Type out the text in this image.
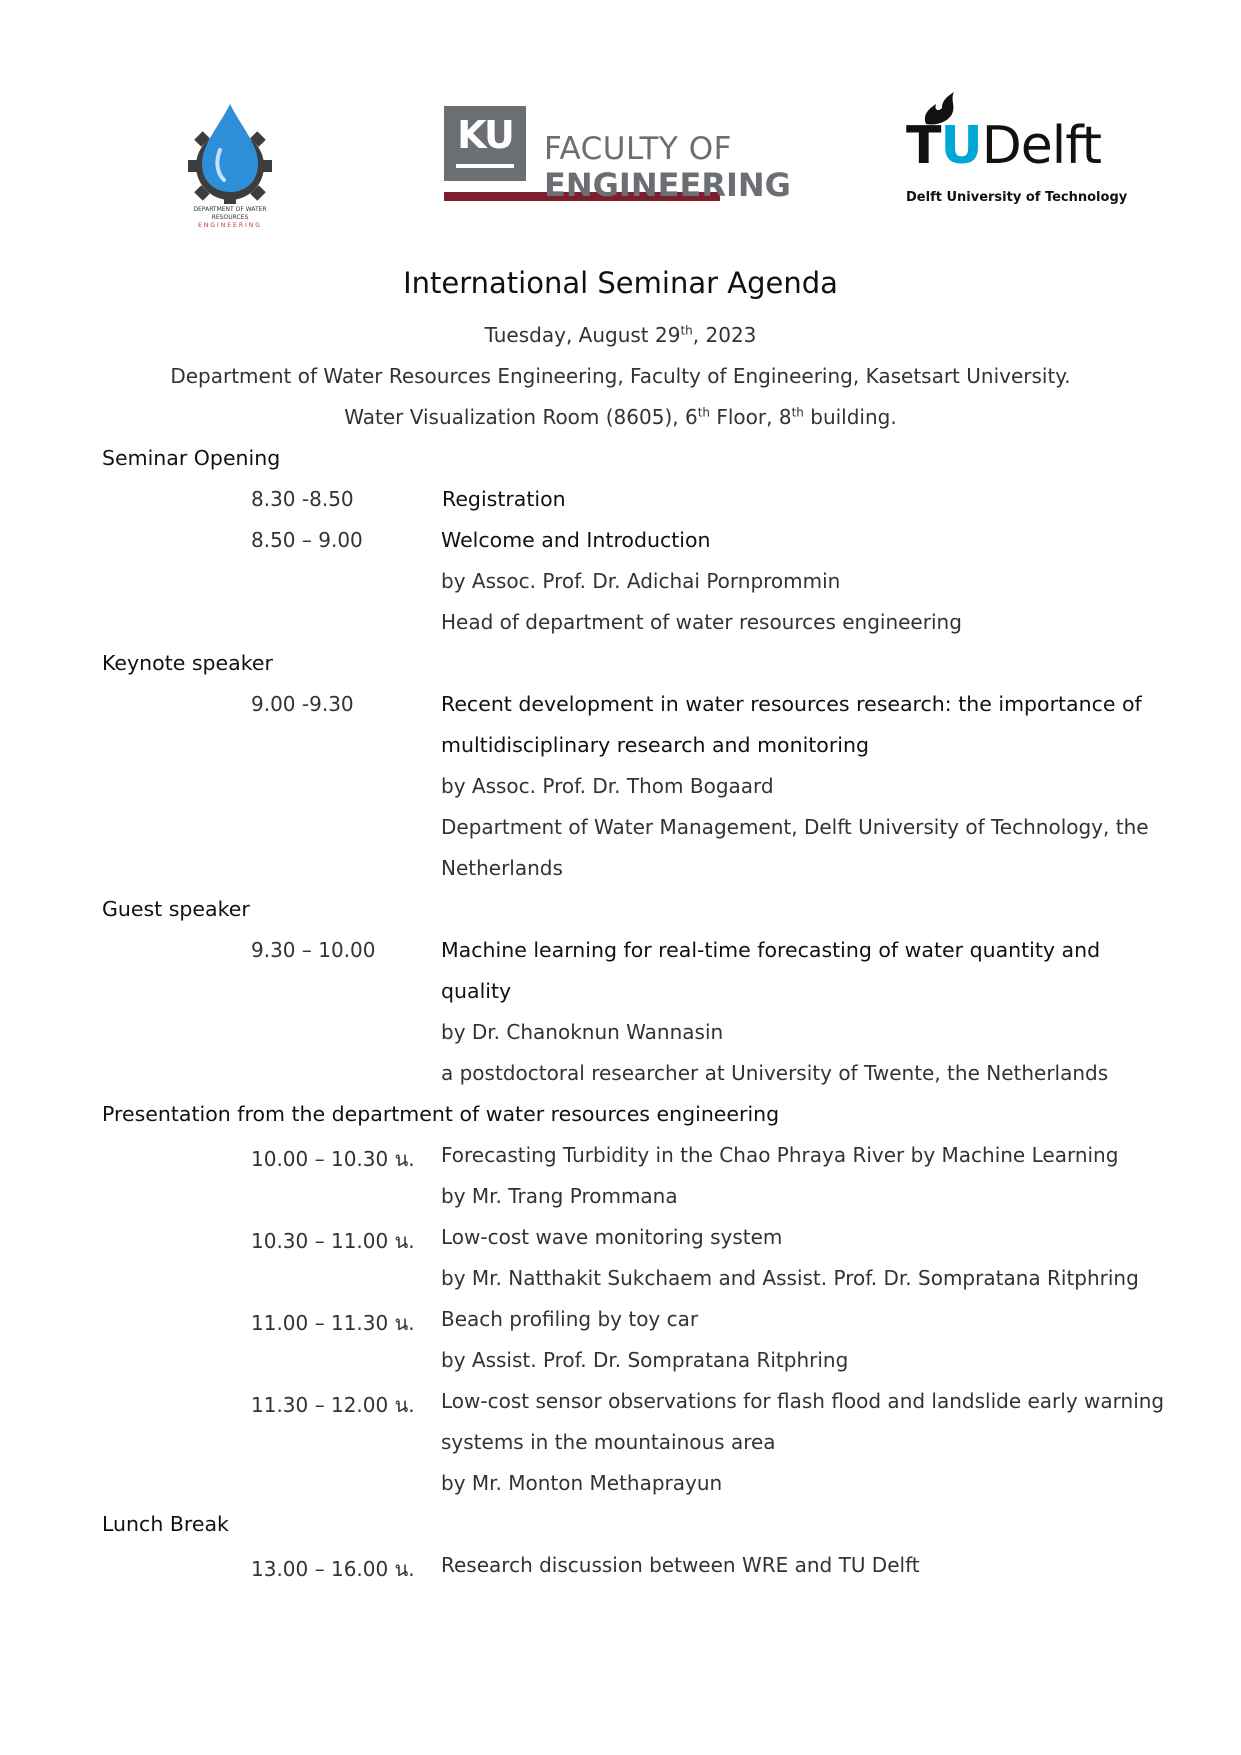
DEPARTMENT OF WATER RESOURCES
ENGINEERING
KU	FACULTY OF
ENGINEERING
TUDelft
Delft University of Technology
International Seminar Agenda
Tuesday, August 29th, 2023
Department of Water Resources Engineering, Faculty of Engineering, Kasetsart University.
Water Visualization Room (8605), 6th Floor, 8th building.
Seminar Opening
8.30 -8.50	Registration
8.50 – 9.00	Welcome and Introduction
by Assoc. Prof. Dr. Adichai Pornprommin
Head of department of water resources engineering
Keynote speaker
9.00 -9.30	Recent development in water resources research: the importance of
multidisciplinary research and monitoring
by Assoc. Prof. Dr. Thom Bogaard
Department of Water Management, Delft University of Technology, the
Netherlands
Guest speaker
9.30 – 10.00	Machine learning for real-time forecasting of water quantity and
quality
by Dr. Chanoknun Wannasin
a postdoctoral researcher at University of Twente, the Netherlands
Presentation from the department of water resources engineering
10.00 – 10.30 น. Forecasting Turbidity in the Chao Phraya River by Machine Learning
by Mr. Trang Prommana
10.30 – 11.00 น. Low-cost wave monitoring system
by Mr. Natthakit Sukchaem and Assist. Prof. Dr. Sompratana Ritphring
11.00 – 11.30 น. Beach profiling by toy car
by Assist. Prof. Dr. Sompratana Ritphring
11.30 – 12.00 น. Low-cost sensor observations for flash flood and landslide early warning
systems in the mountainous area
by Mr. Monton Methaprayun
Lunch Break
13.00 – 16.00 น. Research discussion between WRE and TU Delft
